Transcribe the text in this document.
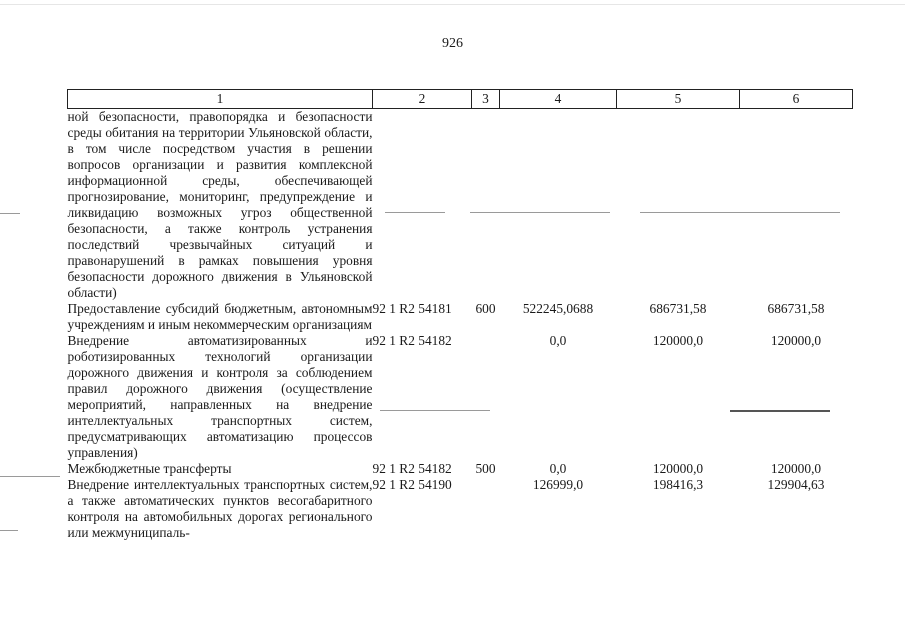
926
1	2	3	4	5	6
ной безопасности, правопорядка и безопасности среды обитания на территории Ульяновской области, в том числе посредством участия в решении вопросов организации и развития комплексной информационной среды, обеспечивающей прогнозирование, мониторинг, предупреждение и ликвидацию возможных угроз общественной безопасности, а также контроль устранения последствий чрезвычайных ситуаций и правонарушений в рамках повышения уровня безопасности дорожного движения в Ульяновской области)					
Предоставление субсидий бюджетным, автономным учреждениям и иным некоммерческим организациям	92 1 R2 54181	600	522245,0688	686731,58	686731,58
Внедрение автоматизированных и роботизированных технологий организации дорожного движения и контроля за соблюдением правил дорожного движения (осуществление мероприятий, направленных на внедрение интеллектуальных транспортных систем, предусматривающих автоматизацию процессов управления)	92 1 R2 54182		0,0	120000,0	120000,0
Межбюджетные трансферты	92 1 R2 54182	500	0,0	120000,0	120000,0
Внедрение интеллектуальных транспортных систем, а также автоматических пунктов весогабаритного контроля на автомобильных дорогах регионального или межмуниципаль-	92 1 R2 54190		126999,0	198416,3	129904,63
